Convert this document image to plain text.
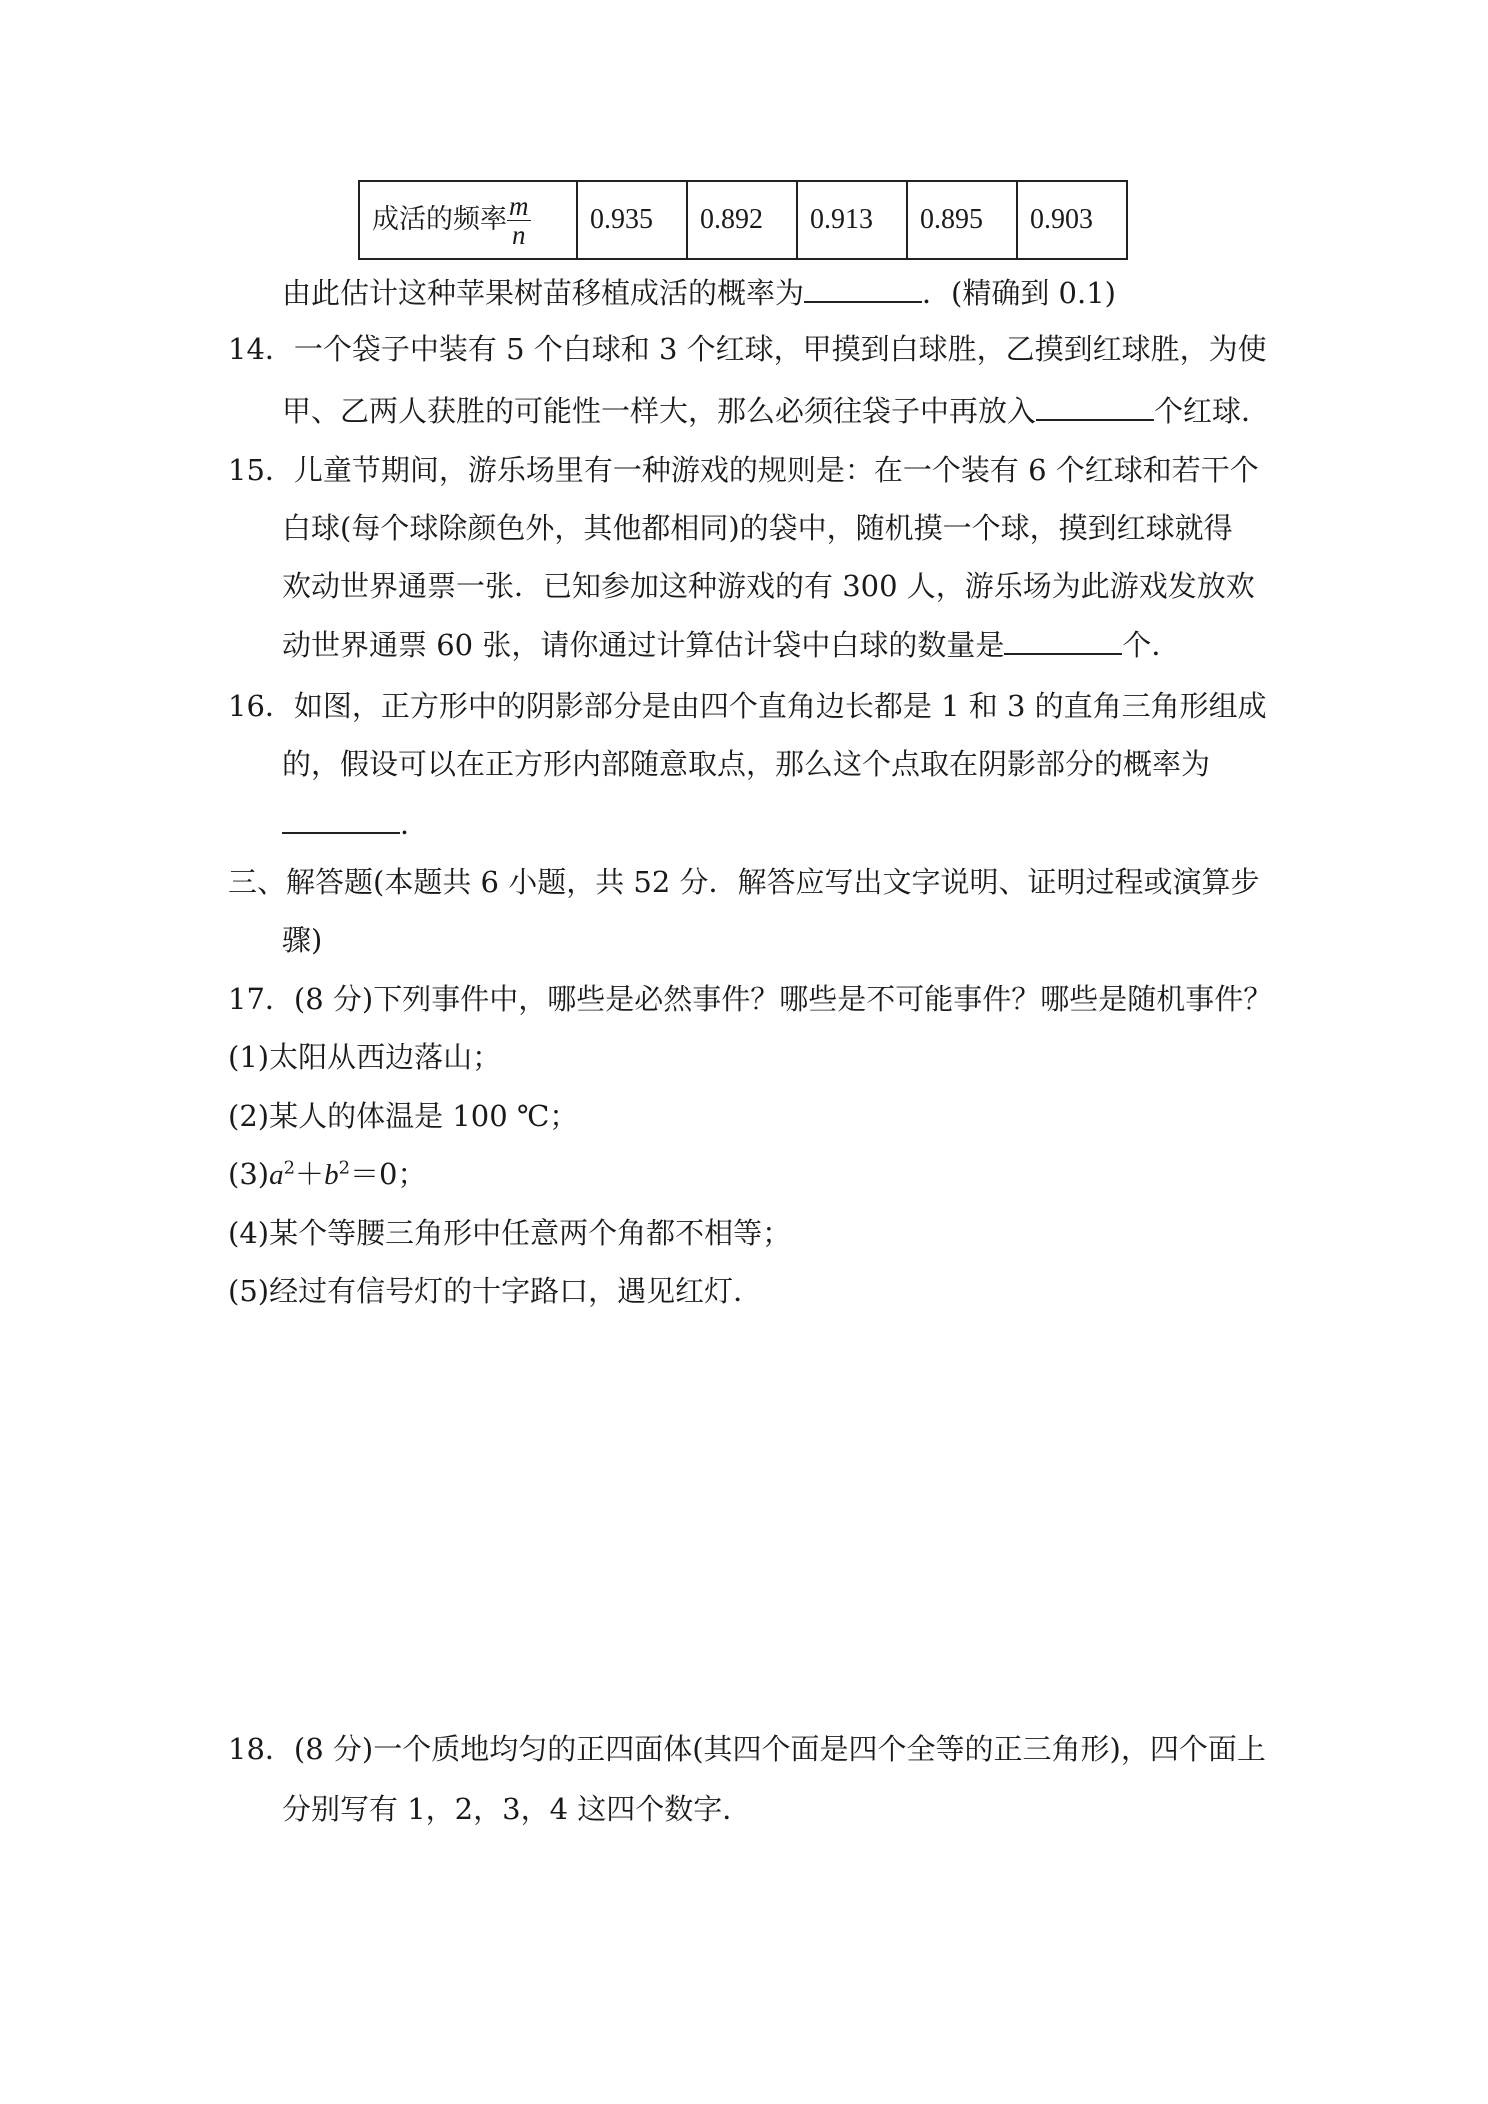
成活的频率 $\frac{m}{n}$	0.935	0.892	0.913	0.895	0.903
由此估计这种苹果树苗移植成活的概率为	．(精确到 0.1)
14．一个袋子中装有 5 个白球和 3 个红球，甲摸到白球胜，乙摸到红球胜，为使
甲、乙两人获胜的可能性一样大，那么必须往袋子中再放入	个红球．
15．儿童节期间，游乐场里有一种游戏的规则是：在一个装有 6 个红球和若干个
白球(每个球除颜色外，其他都相同)的袋中，随机摸一个球，摸到红球就得
欢动世界通票一张．已知参加这种游戏的有 300 人，游乐场为此游戏发放欢
动世界通票 60 张，请你通过计算估计袋中白球的数量是	个．
16．如图，正方形中的阴影部分是由四个直角边长都是 1 和 3 的直角三角形组成
的，假设可以在正方形内部随意取点，那么这个点取在阴影部分的概率为
．
三、解答题(本题共 6 小题，共 52 分．解答应写出文字说明、证明过程或演算步
骤)
17．(8 分)下列事件中，哪些是必然事件？哪些是不可能事件？哪些是随机事件？
(1)太阳从西边落山；
(2)某人的体温是 100 ℃；
$(3)a^2+b^2=0$；
(4)某个等腰三角形中任意两个角都不相等；
(5)经过有信号灯的十字路口，遇见红灯．
18．(8 分)一个质地均匀的正四面体(其四个面是四个全等的正三角形)，四个面上
分别写有 1，2，3，4 这四个数字．
